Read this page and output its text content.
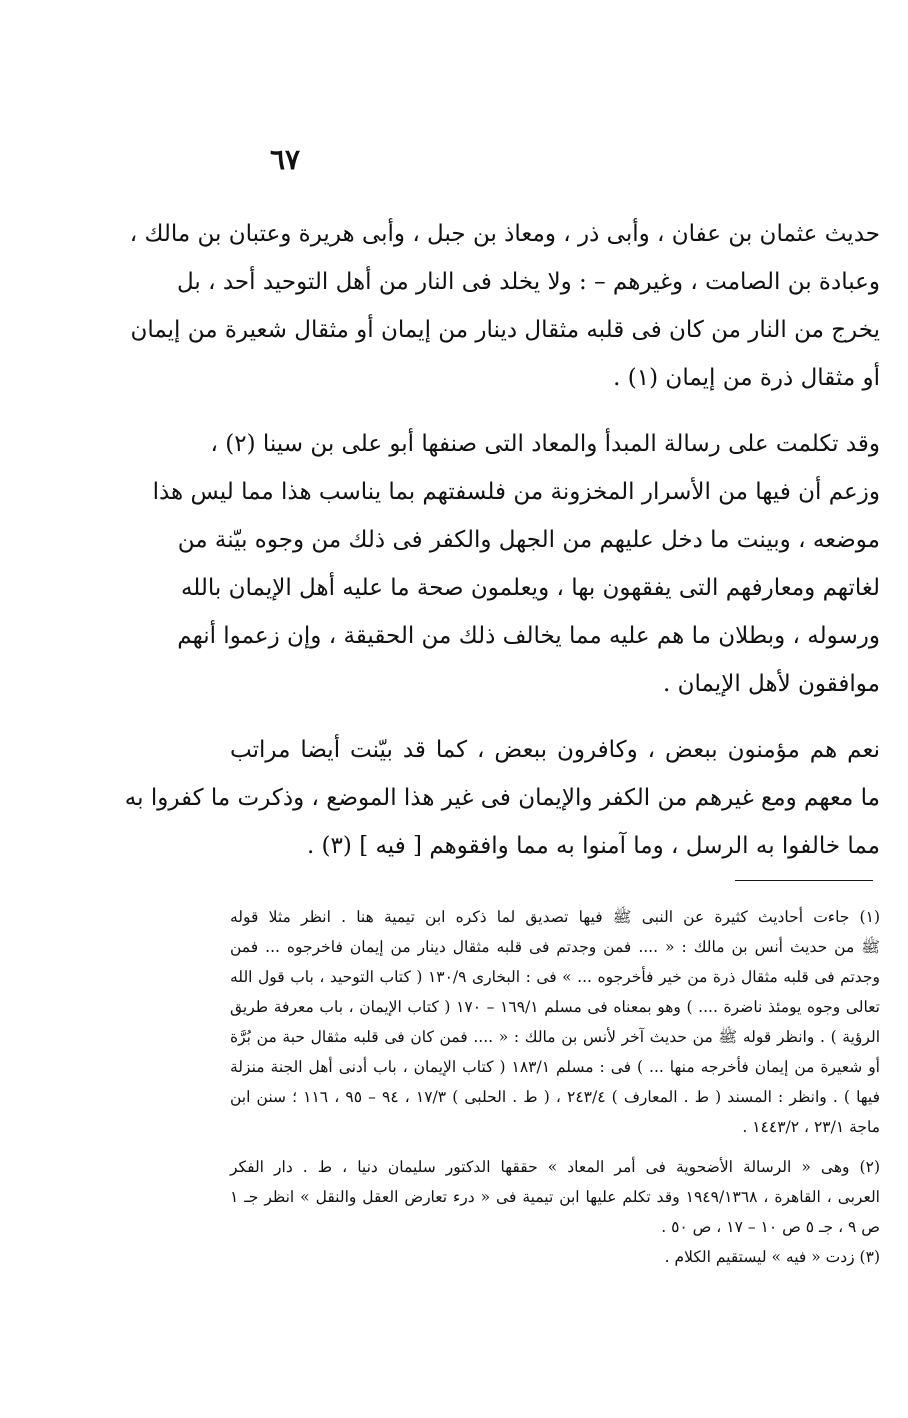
٦٧
حديث عثمان بن عفان ، وأبى ذر ، ومعاذ بن جبل ، وأبى هريرة وعتبان بن مالك ،
وعبادة بن الصامت ، وغيرهم – : ولا يخلد فى النار من أهل التوحيد أحد ، بل
يخرج من النار من كان فى قلبه مثقال دينار من إيمان أو مثقال شعيرة من إيمان
أو مثقال ذرة من إيمان (١) .
وقد تكلمت على رسالة المبدأ والمعاد التى صنفها أبو على بن سينا (٢) ،
وزعم أن فيها من الأسرار المخزونة من فلسفتهم بما يناسب هذا مما ليس هذا
موضعه ، وبينت ما دخل عليهم من الجهل والكفر فى ذلك من وجوه بيّنة من
لغاتهم ومعارفهم التى يفقهون بها ، ويعلمون صحة ما عليه أهل الإيمان بالله
ورسوله ، وبطلان ما هم عليه مما يخالف ذلك من الحقيقة ، وإن زعموا أنهم
موافقون لأهل الإيمان .
نعم هم مؤمنون ببعض ، وكافرون ببعض ، كما قد بيّنت أيضا مراتب
ما معهم ومع غيرهم من الكفر والإيمان فى غير هذا الموضع ، وذكرت ما كفروا به
مما خالفوا به الرسل ، وما آمنوا به مما وافقوهم [ فيه ] (٣) .
(١) جاءت أحاديث كثيرة عن النبى ﷺ فيها تصديق لما ذكره ابن تيمية هنا . انظر مثلا قوله
ﷺ من حديث أنس بن مالك : « .... فمن وجدتم فى قلبه مثقال دينار من إيمان فاخرجوه ... فمن
وجدتم فى قلبه مثقال ذرة من خير فأخرجوه ... » فى : البخارى ١٣٠/٩ ( كتاب التوحيد ، باب قول الله
تعالى وجوه يومئذ ناضرة .... ) وهو بمعناه فى مسلم ١٦٩/١ – ١٧٠ ( كتاب الإيمان ، باب معرفة طريق
الرؤية ) . وانظر قوله ﷺ من حديث آخر لأنس بن مالك : « .... فمن كان فى قلبه مثقال حبة من بُرَّة
أو شعيرة من إيمان فأخرجه منها ... ) فى : مسلم ١٨٣/١ ( كتاب الإيمان ، باب أدنى أهل الجنة منزلة
فيها ) . وانظر : المسند ( ط . المعارف ) ٢٤٣/٤ ، ( ط . الحلبى ) ١٧/٣ ، ٩٤ – ٩٥ ، ١١٦ ؛ سنن ابن
ماجة ٢٣/١ ، ١٤٤٣/٢ .
(٢) وهى « الرسالة الأضحوية فى أمر المعاد » حققها الدكتور سليمان دنيا ، ط . دار الفكر
العربى ، القاهرة ، ١٩٤٩/١٣٦٨ وقد تكلم عليها ابن تيمية فى « درء تعارض العقل والنقل » انظر جـ ١
ص ٩ ، جـ ٥ ص ١٠ – ١٧ ، ص ٥٠ .
(٣) زدت « فيه » ليستقيم الكلام .
